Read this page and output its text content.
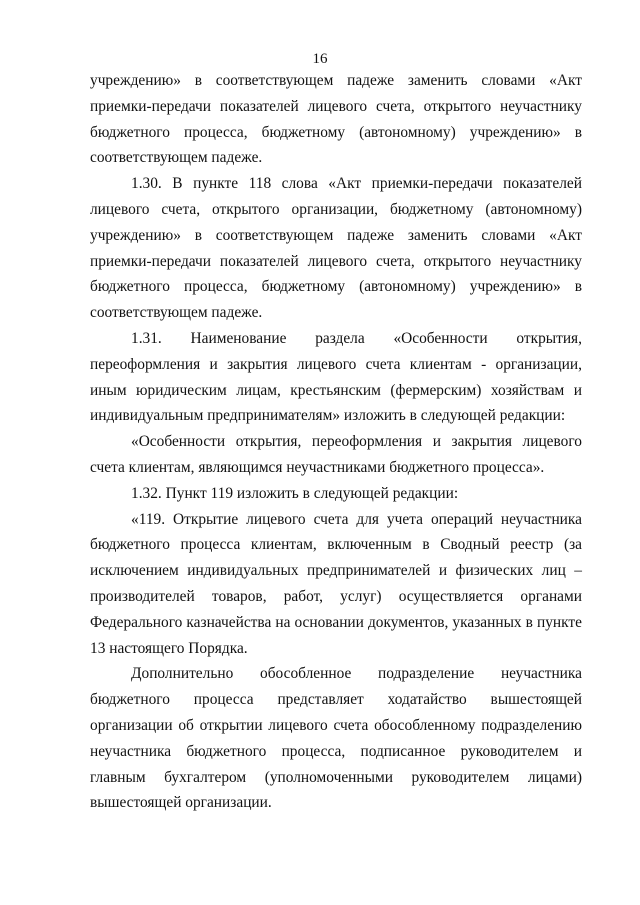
16

учреждению» в соответствующем падеже заменить словами «Акт приемки-передачи показателей лицевого счета, открытого неучастнику бюджетного процесса, бюджетному (автономному) учреждению» в соответствующем падеже.

1.30. В пункте 118 слова «Акт приемки-передачи показателей лицевого счета, открытого организации, бюджетному (автономному) учреждению» в соответствующем падеже заменить словами «Акт приемки-передачи показателей лицевого счета, открытого неучастнику бюджетного процесса, бюджетному (автономному) учреждению» в соответствующем падеже.

1.31. Наименование раздела «Особенности открытия, переоформления и закрытия лицевого счета клиентам - организации, иным юридическим лицам, крестьянским (фермерским) хозяйствам и индивидуальным предпринимателям» изложить в следующей редакции:

«Особенности открытия, переоформления и закрытия лицевого счета клиентам, являющимся неучастниками бюджетного процесса».

1.32. Пункт 119 изложить в следующей редакции:

«119. Открытие лицевого счета для учета операций неучастника бюджетного процесса клиентам, включенным в Сводный реестр (за исключением индивидуальных предпринимателей и физических лиц – производителей товаров, работ, услуг) осуществляется органами Федерального казначейства на основании документов, указанных в пункте 13 настоящего Порядка.

Дополнительно обособленное подразделение неучастника бюджетного процесса представляет ходатайство вышестоящей организации об открытии лицевого счета обособленному подразделению неучастника бюджетного процесса, подписанное руководителем и главным бухгалтером (уполномоченными руководителем лицами) вышестоящей организации.
